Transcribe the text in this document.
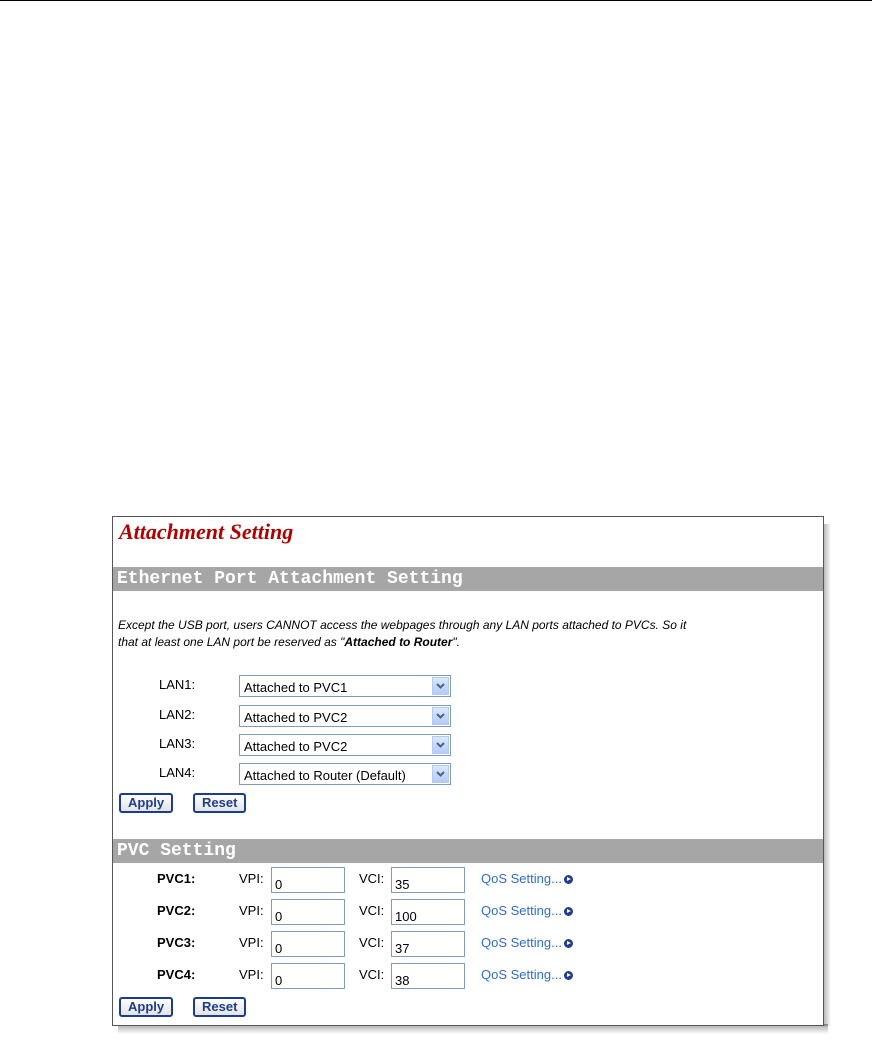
Attachment Setting
Ethernet Port Attachment Setting
Except the USB port, users CANNOT access the webpages through any LAN ports attached to PVCs. So it
that at least one LAN port be reserved as "Attached to Router".
LAN1:	Attached to PVC1
LAN2:	Attached to PVC2
LAN3:	Attached to PVC2
LAN4:	Attached to Router (Default)
Apply	Reset
PVC Setting
PVC1:	VPI: 0	VCI: 35	QoS Setting...
PVC2:	VPI: 0	VCI: 100	QoS Setting...
PVC3:	VPI: 0	VCI: 37	QoS Setting...
PVC4:	VPI: 0	VCI: 38	QoS Setting...
Apply	Reset
